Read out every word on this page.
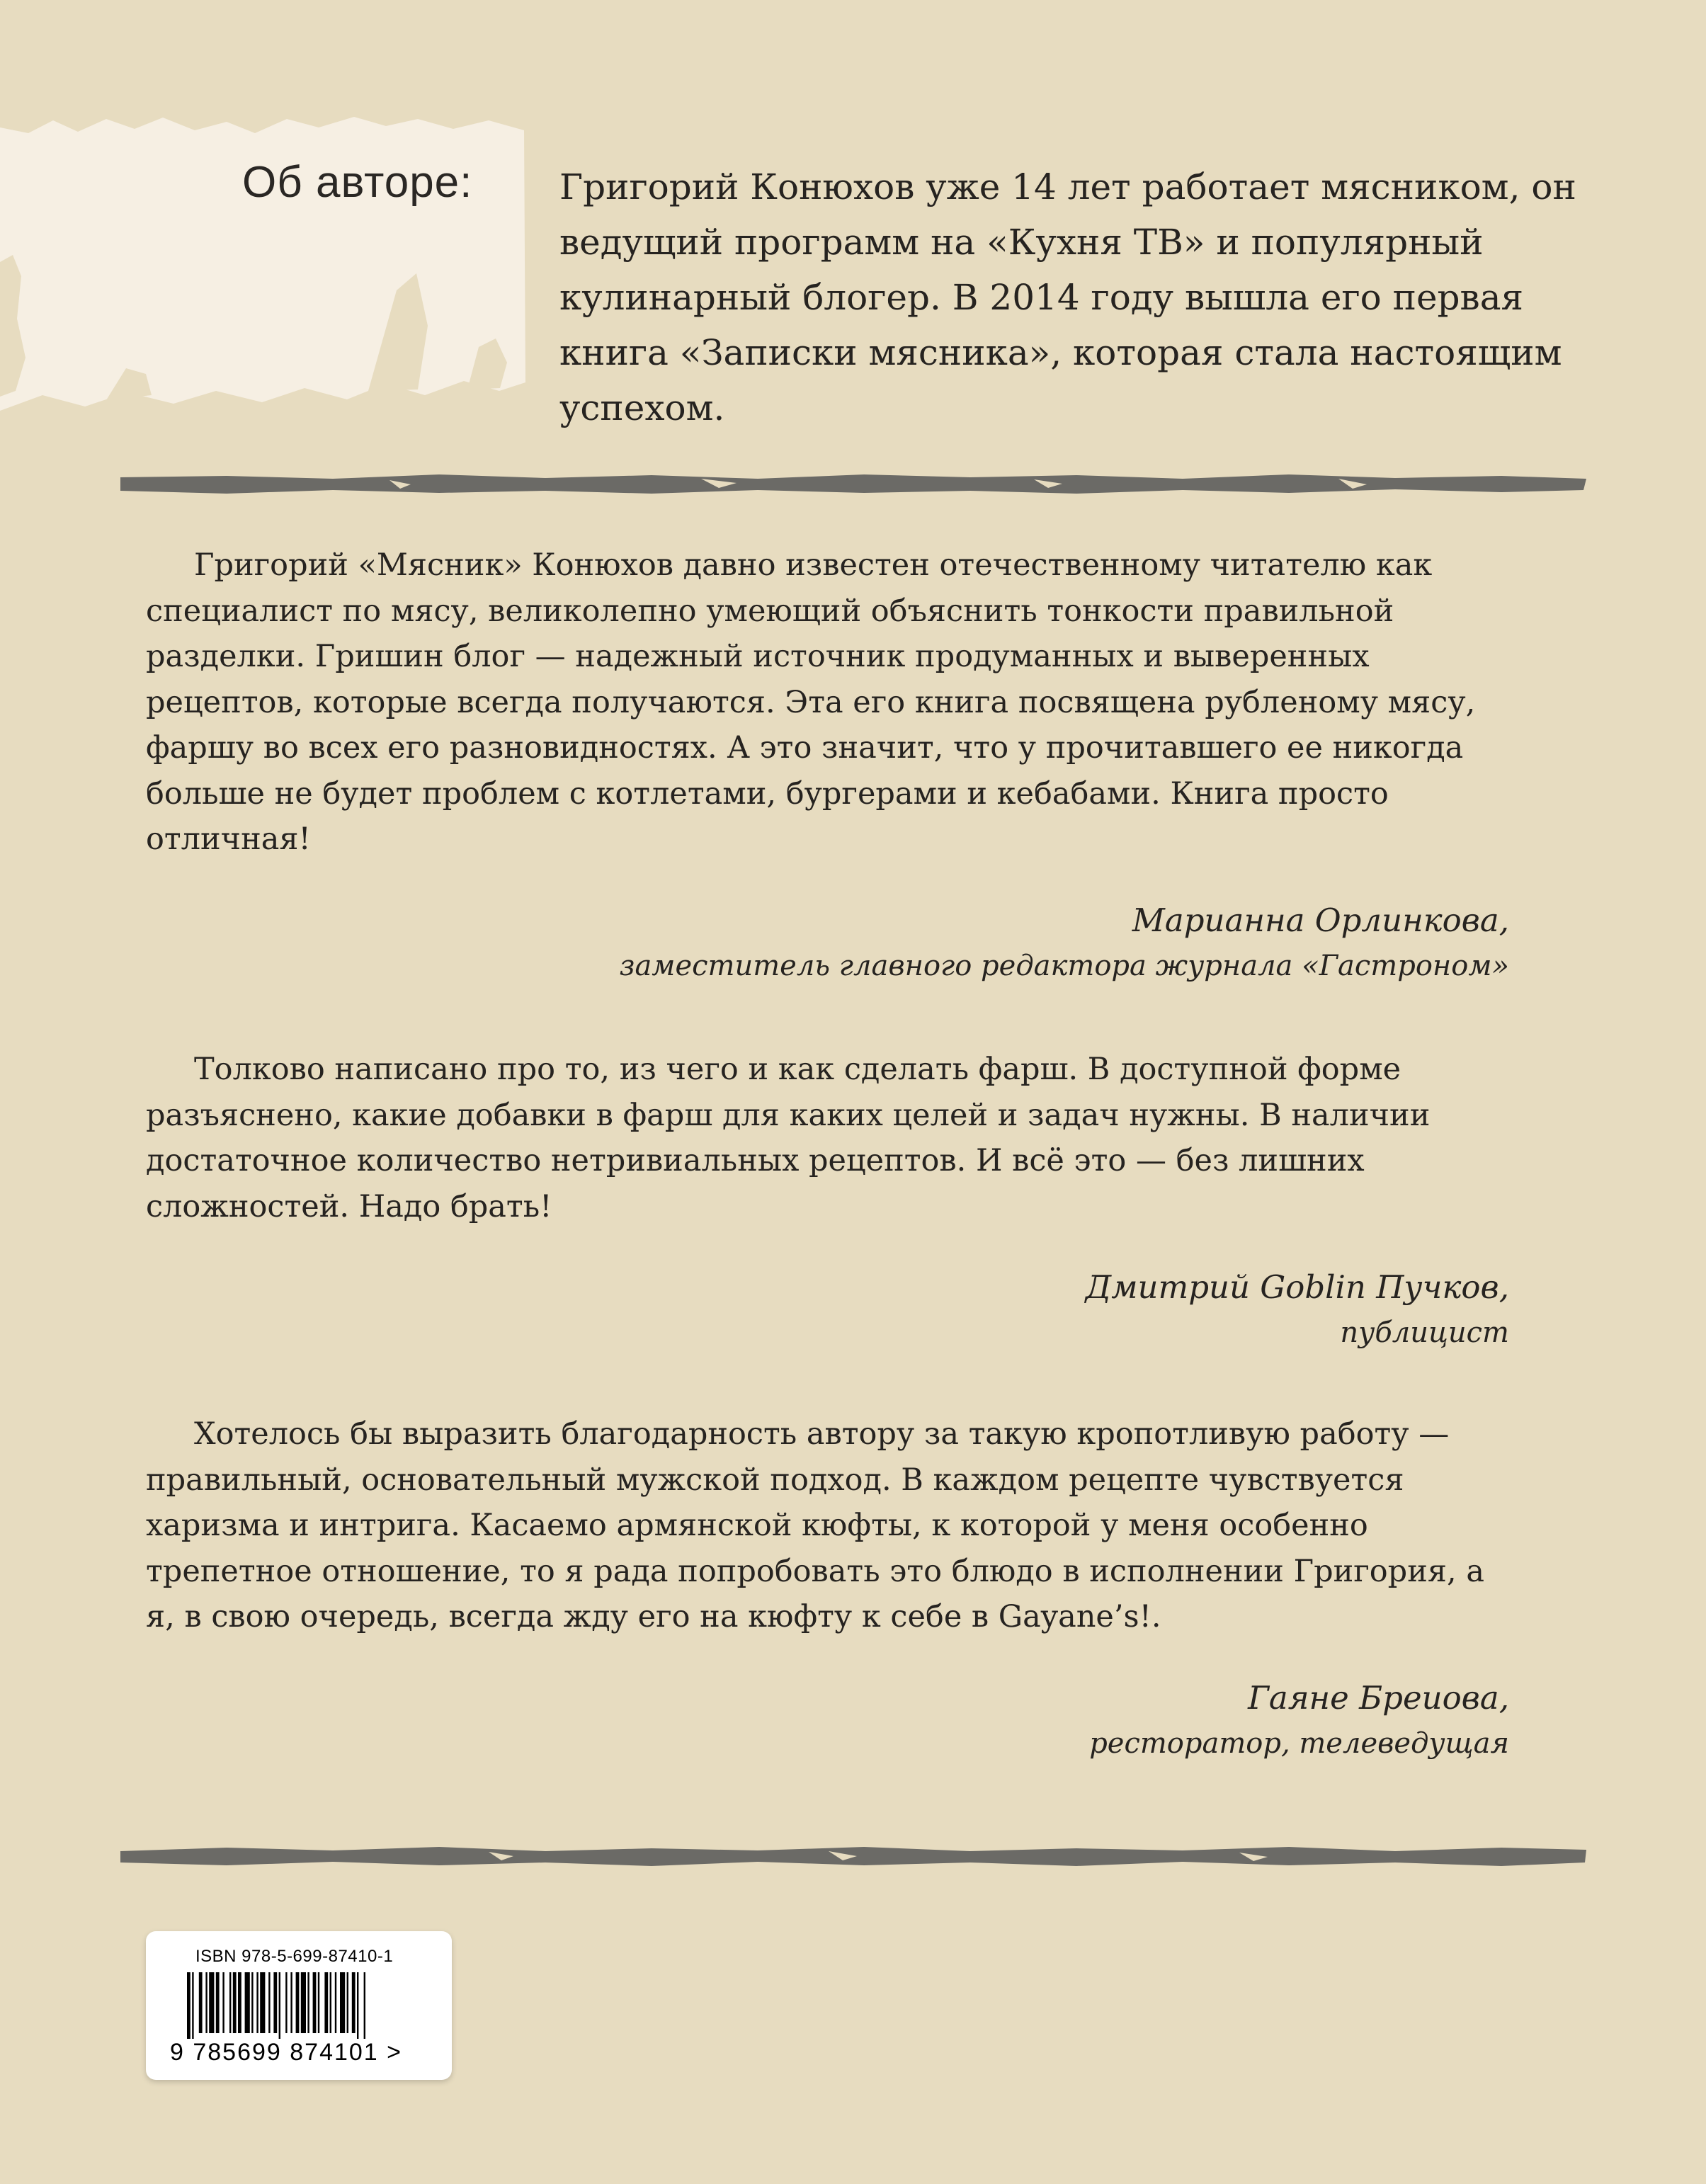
Об авторе: Григорий Конюхов уже 14 лет работает мясником, он ведущий программ на «Кухня ТВ» и популярный кулинарный блогер. В 2014 году вышла его первая книга «Записки мясника», которая стала настоящим успехом.

Григорий «Мясник» Конюхов давно известен отечественному читателю как специалист по мясу, великолепно умеющий объяснить тонкости правильной разделки. Гришин блог — надежный источник продуманных и выверенных рецептов, которые всегда получаются. Эта его книга посвящена рубленому мясу, фаршу во всех его разновидностях. А это значит, что у прочитавшего ее никогда больше не будет проблем с котлетами, бургерами и кебабами. Книга просто отличная!

Марианна Орлинкова,
заместитель главного редактора журнала «Гастроном»

Толково написано про то, из чего и как сделать фарш. В доступной форме разъяснено, какие добавки в фарш для каких целей и задач нужны. В наличии достаточное количество нетривиальных рецептов. И всё это — без лишних сложностей. Надо брать!

Дмитрий Goblin Пучков,
публицист

Хотелось бы выразить благодарность автору за такую кропотливую работу — правильный, основательный мужской подход. В каждом рецепте чувствуется харизма и интрига. Касаемо армянской кюфты, к которой у меня особенно трепетное отношение, то я рада попробовать это блюдо в исполнении Григория, а я, в свою очередь, всегда жду его на кюфту к себе в Gayane’s!.

Гаяне Бреиова,
ресторатор, телеведущая
ISBN 978-5-699-87410-1
9 785699 874101 >
